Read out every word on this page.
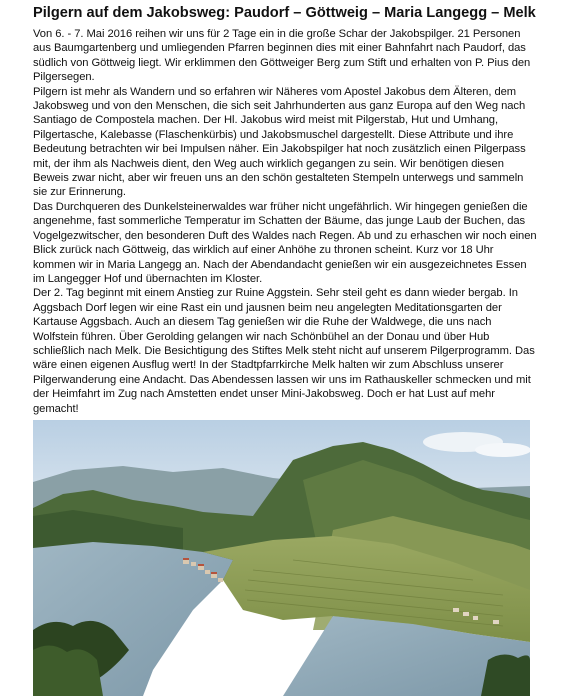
Pilgern auf dem Jakobsweg: Paudorf – Göttweig – Maria Langegg – Melk

Von 6. - 7. Mai 2016 reihen wir uns für 2 Tage ein in die große Schar der Jakobspilger. 21 Personen aus Baumgartenberg und umliegenden Pfarren beginnen dies mit einer Bahnfahrt nach Paudorf, das südlich von Göttweig liegt. Wir erklimmen den Göttweiger Berg zum Stift und erhalten von P. Pius den Pilgersegen.

Pilgern ist mehr als Wandern und so erfahren wir Näheres vom Apostel Jakobus dem Älteren, dem Jakobsweg und von den Menschen, die sich seit Jahrhunderten aus ganz Europa auf den Weg nach Santiago de Compostela machen. Der Hl. Jakobus wird meist mit Pilgerstab, Hut und Umhang, Pilgertasche, Kalebasse (Flaschenkürbis) und Jakobsmuschel dargestellt. Diese Attribute und ihre Bedeutung betrachten wir bei Impulsen näher. Ein Jakobspilger hat noch zusätzlich einen Pilgerpass mit, der ihm als Nachweis dient, den Weg auch wirklich gegangen zu sein. Wir benötigen diesen Beweis zwar nicht, aber wir freuen uns an den schön gestalteten Stempeln unterwegs und sammeln sie zur Erinnerung.

Das Durchqueren des Dunkelsteinerwaldes war früher nicht ungefährlich. Wir hingegen genießen die angenehme, fast sommerliche Temperatur im Schatten der Bäume, das junge Laub der Buchen, das Vogelgezwitscher, den besonderen Duft des Waldes nach Regen. Ab und zu erhaschen wir noch einen Blick zurück nach Göttweig, das wirklich auf einer Anhöhe zu thronen scheint. Kurz vor 18 Uhr kommen wir in Maria Langegg an. Nach der Abendandacht genießen wir ein ausgezeichnetes Essen im Langegger Hof und übernachten im Kloster.

Der 2. Tag beginnt mit einem Anstieg zur Ruine Aggstein. Sehr steil geht es dann wieder bergab. In Aggsbach Dorf legen wir eine Rast ein und jausnen beim neu angelegten Meditationsgarten der Kartause Aggsbach. Auch an diesem Tag genießen wir die Ruhe der Waldwege, die uns nach Wolfstein führen. Über Gerolding gelangen wir nach Schönbühel an der Donau und über Hub schließlich nach Melk. Die Besichtigung des Stiftes Melk steht nicht auf unserem Pilgerprogramm. Das wäre einen eigenen Ausflug wert! In der Stadtpfarrkirche Melk halten wir zum Abschluss unserer Pilgerwanderung eine Andacht. Das Abendessen lassen wir uns im Rathauskeller schmecken und mit der Heimfahrt im Zug nach Amstetten endet unser Mini-Jakobsweg. Doch er hat Lust auf mehr gemacht!
